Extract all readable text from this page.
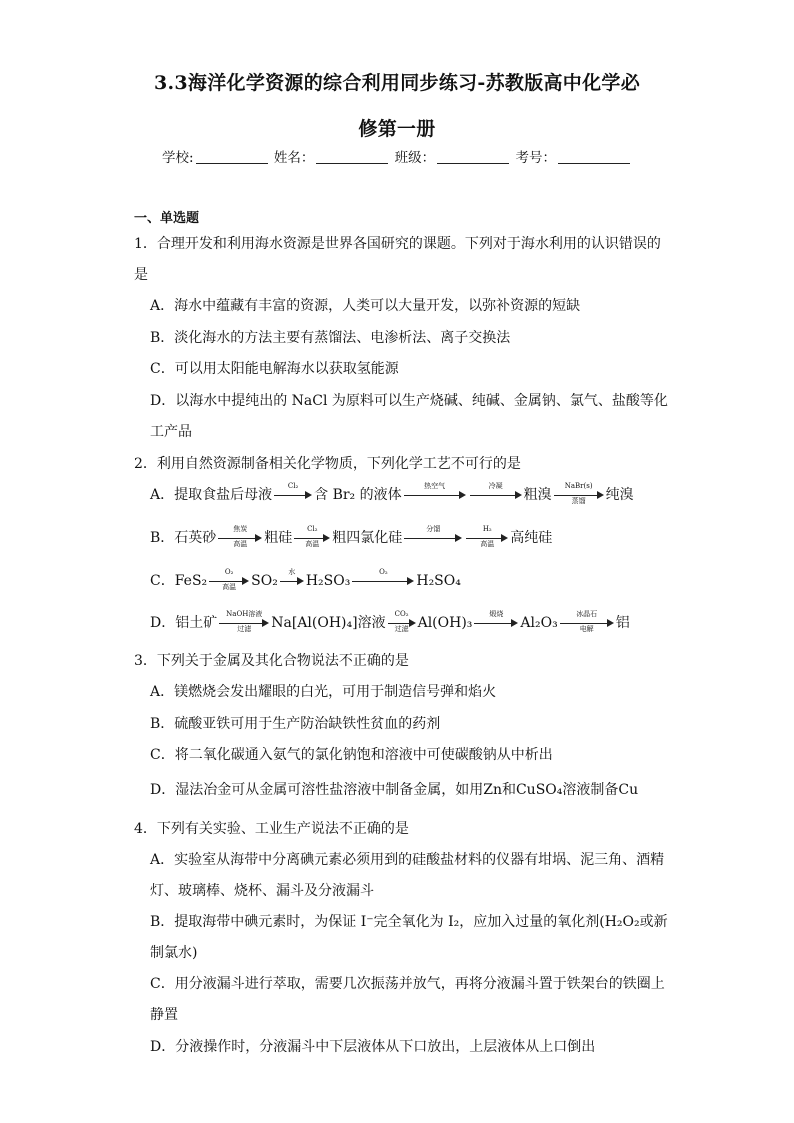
3.3海洋化学资源的综合利用同步练习-苏教版高中化学必
修第一册
学校:	姓名：	班级：	考号：
一、单选题
1．合理开发和利用海水资源是世界各国研究的课题。下列对于海水利用的认识错误的
是
A．海水中蕴藏有丰富的资源，人类可以大量开发，以弥补资源的短缺
B．淡化海水的方法主要有蒸馏法、电渗析法、离子交换法
C．可以用太阳能电解海水以获取氢能源
D．以海水中提纯出的 NaCl 为原料可以生产烧碱、纯碱、金属钠、氯气、盐酸等化
工产品
2．利用自然资源制备相关化学物质，下列化学工艺不可行的是
A．提取食盐后母液
Cl₂
含 Br₂ 的液体
热空气	冷凝
粗溴
NaBr(s)
蒸馏	纯溴
B．石英砂
焦炭
高温	粗硅
Cl₂
高温 粗四氯化硅
分馏	H₂
高温	高纯硅
C．FeS₂
O₂
高温	SO₂
水
H₂SO₃
O₂
H₂SO₄
D．铝土矿
NaOH溶液
过滤	Na[Al(OH)₄]溶液
CO₂
过滤 Al(OH)₃
煅烧
Al₂O₃
冰晶石
电解	铝
3．下列关于金属及其化合物说法不正确的是
A．镁燃烧会发出耀眼的白光，可用于制造信号弹和焰火
B．硫酸亚铁可用于生产防治缺铁性贫血的药剂
C．将二氧化碳通入氨气的氯化钠饱和溶液中可使碳酸钠从中析出
D．湿法冶金可从金属可溶性盐溶液中制备金属，如用Zn和CuSO₄溶液制备Cu
4．下列有关实验、工业生产说法不正确的是
A．实验室从海带中分离碘元素必须用到的硅酸盐材料的仪器有坩埚、泥三角、酒精
灯、玻璃棒、烧杯、漏斗及分液漏斗
B．提取海带中碘元素时，为保证 I⁻完全氧化为 I₂，应加入过量的氧化剂(H₂O₂或新
制氯水)
C．用分液漏斗进行萃取，需要几次振荡并放气，再将分液漏斗置于铁架台的铁圈上
静置
D．分液操作时，分液漏斗中下层液体从下口放出，上层液体从上口倒出
